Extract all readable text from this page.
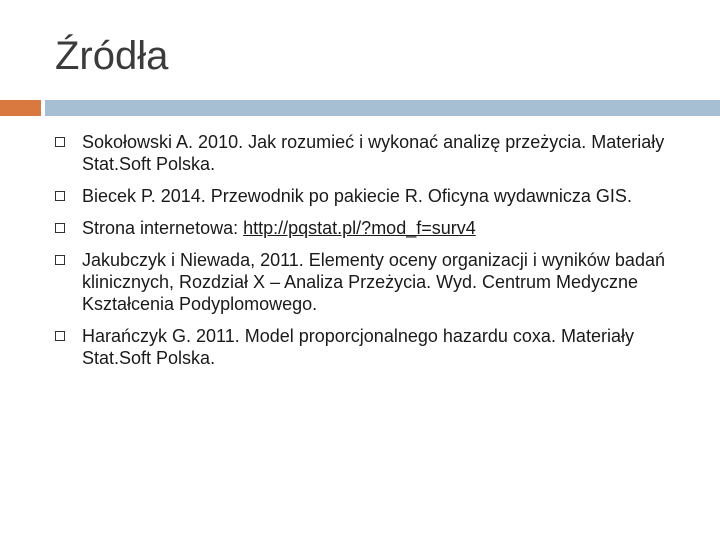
Źródła
Sokołowski A. 2010. Jak rozumieć i wykonać analizę przeżycia. Materiały Stat.Soft Polska.
Biecek P. 2014. Przewodnik po pakiecie R. Oficyna wydawnicza GIS.
Strona internetowa: http://pqstat.pl/?mod_f=surv4
Jakubczyk i Niewada, 2011. Elementy oceny organizacji i wyników badań klinicznych, Rozdział X – Analiza Przeżycia. Wyd. Centrum Medyczne Kształcenia Podyplomowego.
Harańczyk G. 2011. Model proporcjonalnego hazardu coxa. Materiały Stat.Soft Polska.
